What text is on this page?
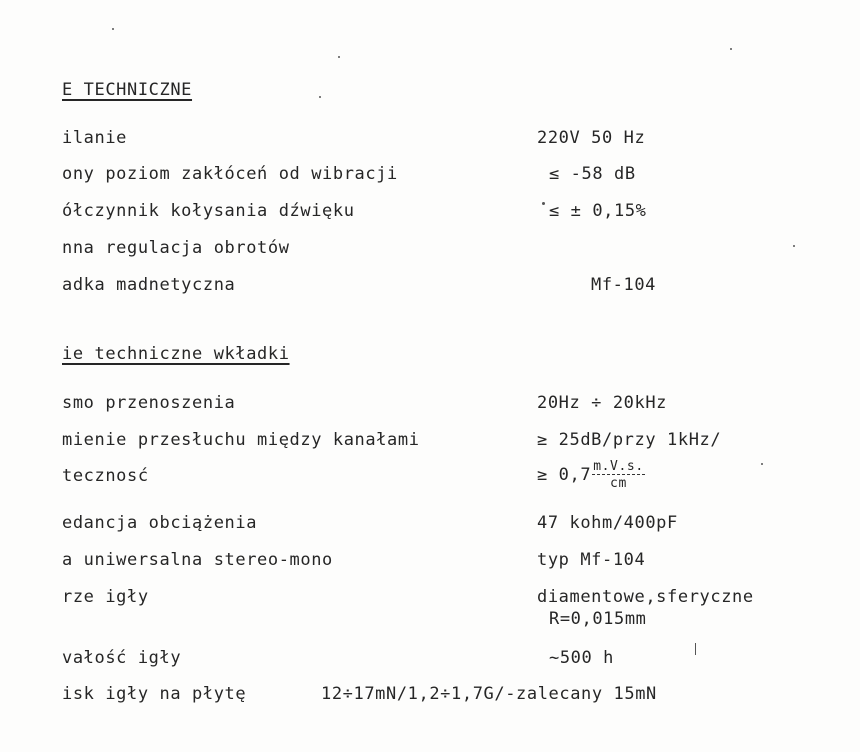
E TECHNICZNE
ilanie	220V 50 Hz
ony poziom zakłóceń od wibracji	≤ -58 dB
ółczynnik kołysania dźwięku	≤ ± 0,15%
nna regulacja obrotów
adka madnetyczna	Mf-104
ie techniczne wkładki
smo przenoszenia	20Hz ÷ 20kHz
mienie przesłuchu między kanałami	≥ 25dB/przy 1kHz/
tecznosć	≥ $0,7 \frac{m.V.s.}{cm}$
edancja obciążenia	47 kohm/400pF
a uniwersalna stereo-mono	typ Mf-104
rze igły	diamentowe,sferyczne
R=0,015mm
vałość igły	~500 h
isk igły na płytę	12÷17mN/1,2÷1,7G/-zalecany 15mN
